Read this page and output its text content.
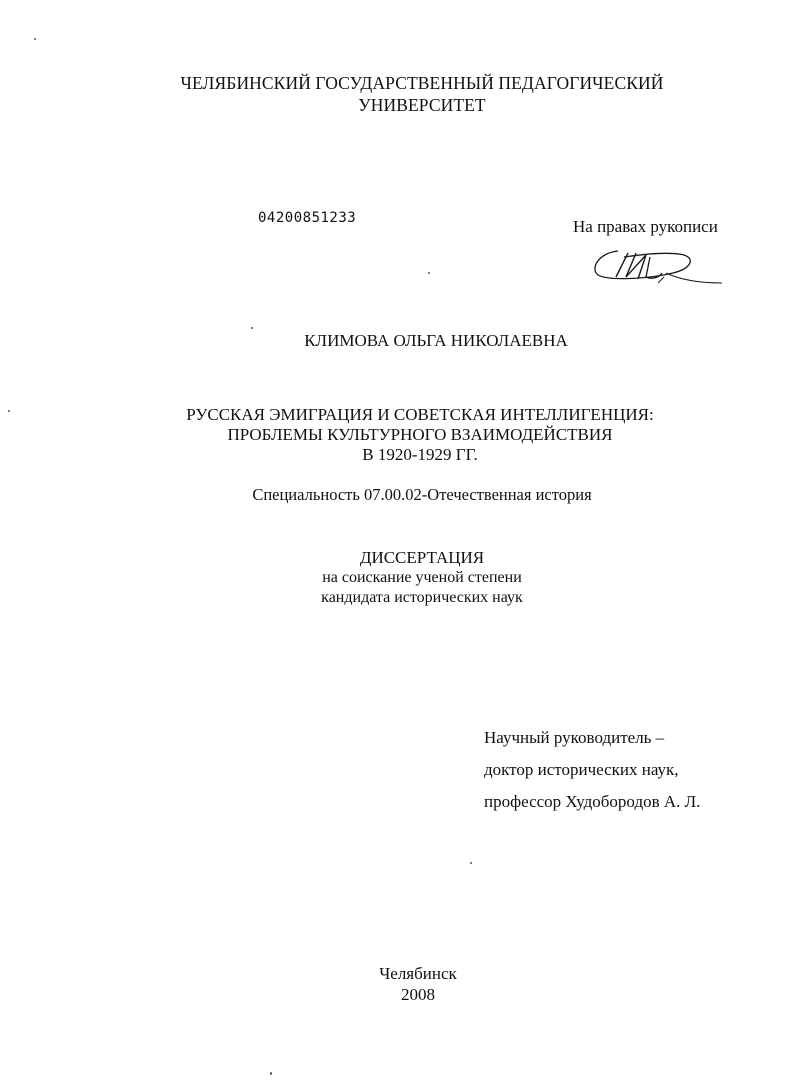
ЧЕЛЯБИНСКИЙ ГОСУДАРСТВЕННЫЙ ПЕДАГОГИЧЕСКИЙ
УНИВЕРСИТЕТ
04200851233	На правах рукописи
КЛИМОВА ОЛЬГА НИКОЛАЕВНА
РУССКАЯ ЭМИГРАЦИЯ И СОВЕТСКАЯ ИНТЕЛЛИГЕНЦИЯ:
ПРОБЛЕМЫ КУЛЬТУРНОГО ВЗАИМОДЕЙСТВИЯ
В 1920-1929 ГГ.
Специальность 07.00.02-Отечественная история
ДИССЕРТАЦИЯ
на соискание ученой степени
кандидата исторических наук
Научный руководитель –
доктор исторических наук,
профессор Худобородов А. Л.
Челябинск
2008
